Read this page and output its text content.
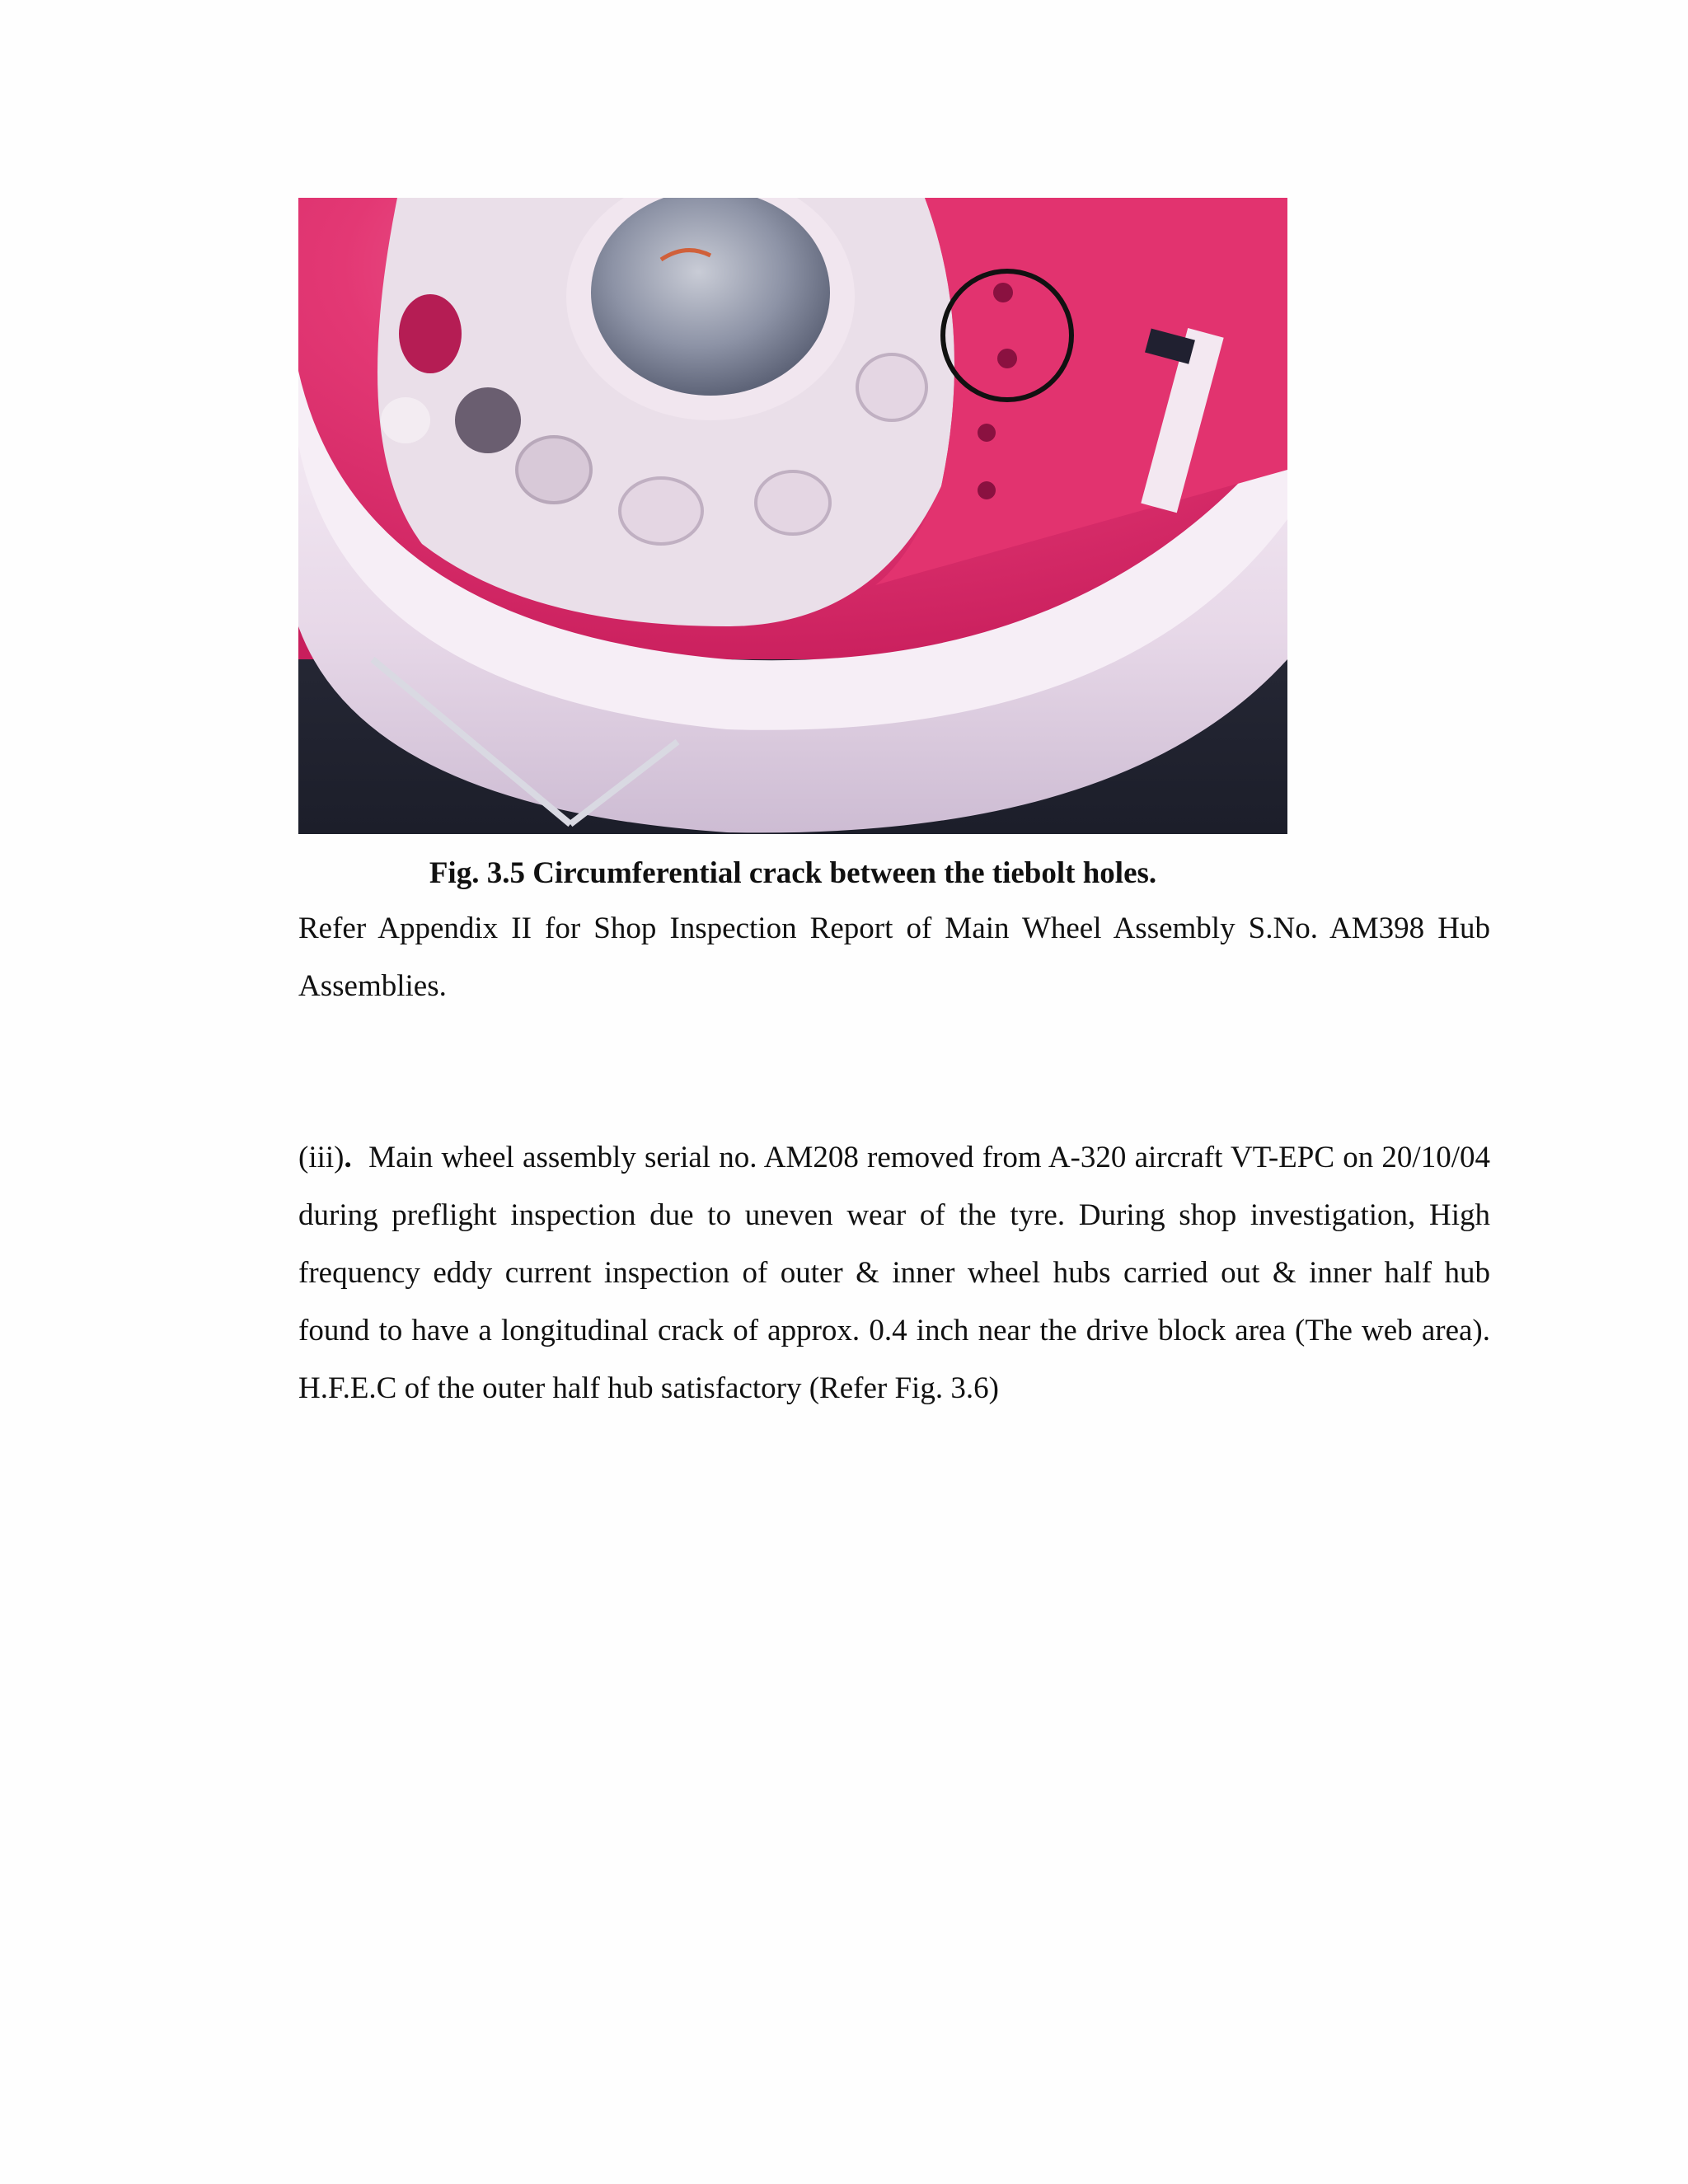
Fig. 3.5 Circumferential crack between the tiebolt holes.

Refer Appendix II for Shop Inspection Report of Main Wheel Assembly S.No. AM398 Hub Assemblies.

(iii). Main wheel assembly serial no. AM208 removed from A-320 aircraft VT-EPC on 20/10/04 during preflight inspection due to uneven wear of the tyre. During shop investigation, High frequency eddy current inspection of outer & inner wheel hubs carried out & inner half hub found to have a longitudinal crack of approx. 0.4 inch near the drive block area (The web area). H.F.E.C of the outer half hub satisfactory (Refer Fig. 3.6)
